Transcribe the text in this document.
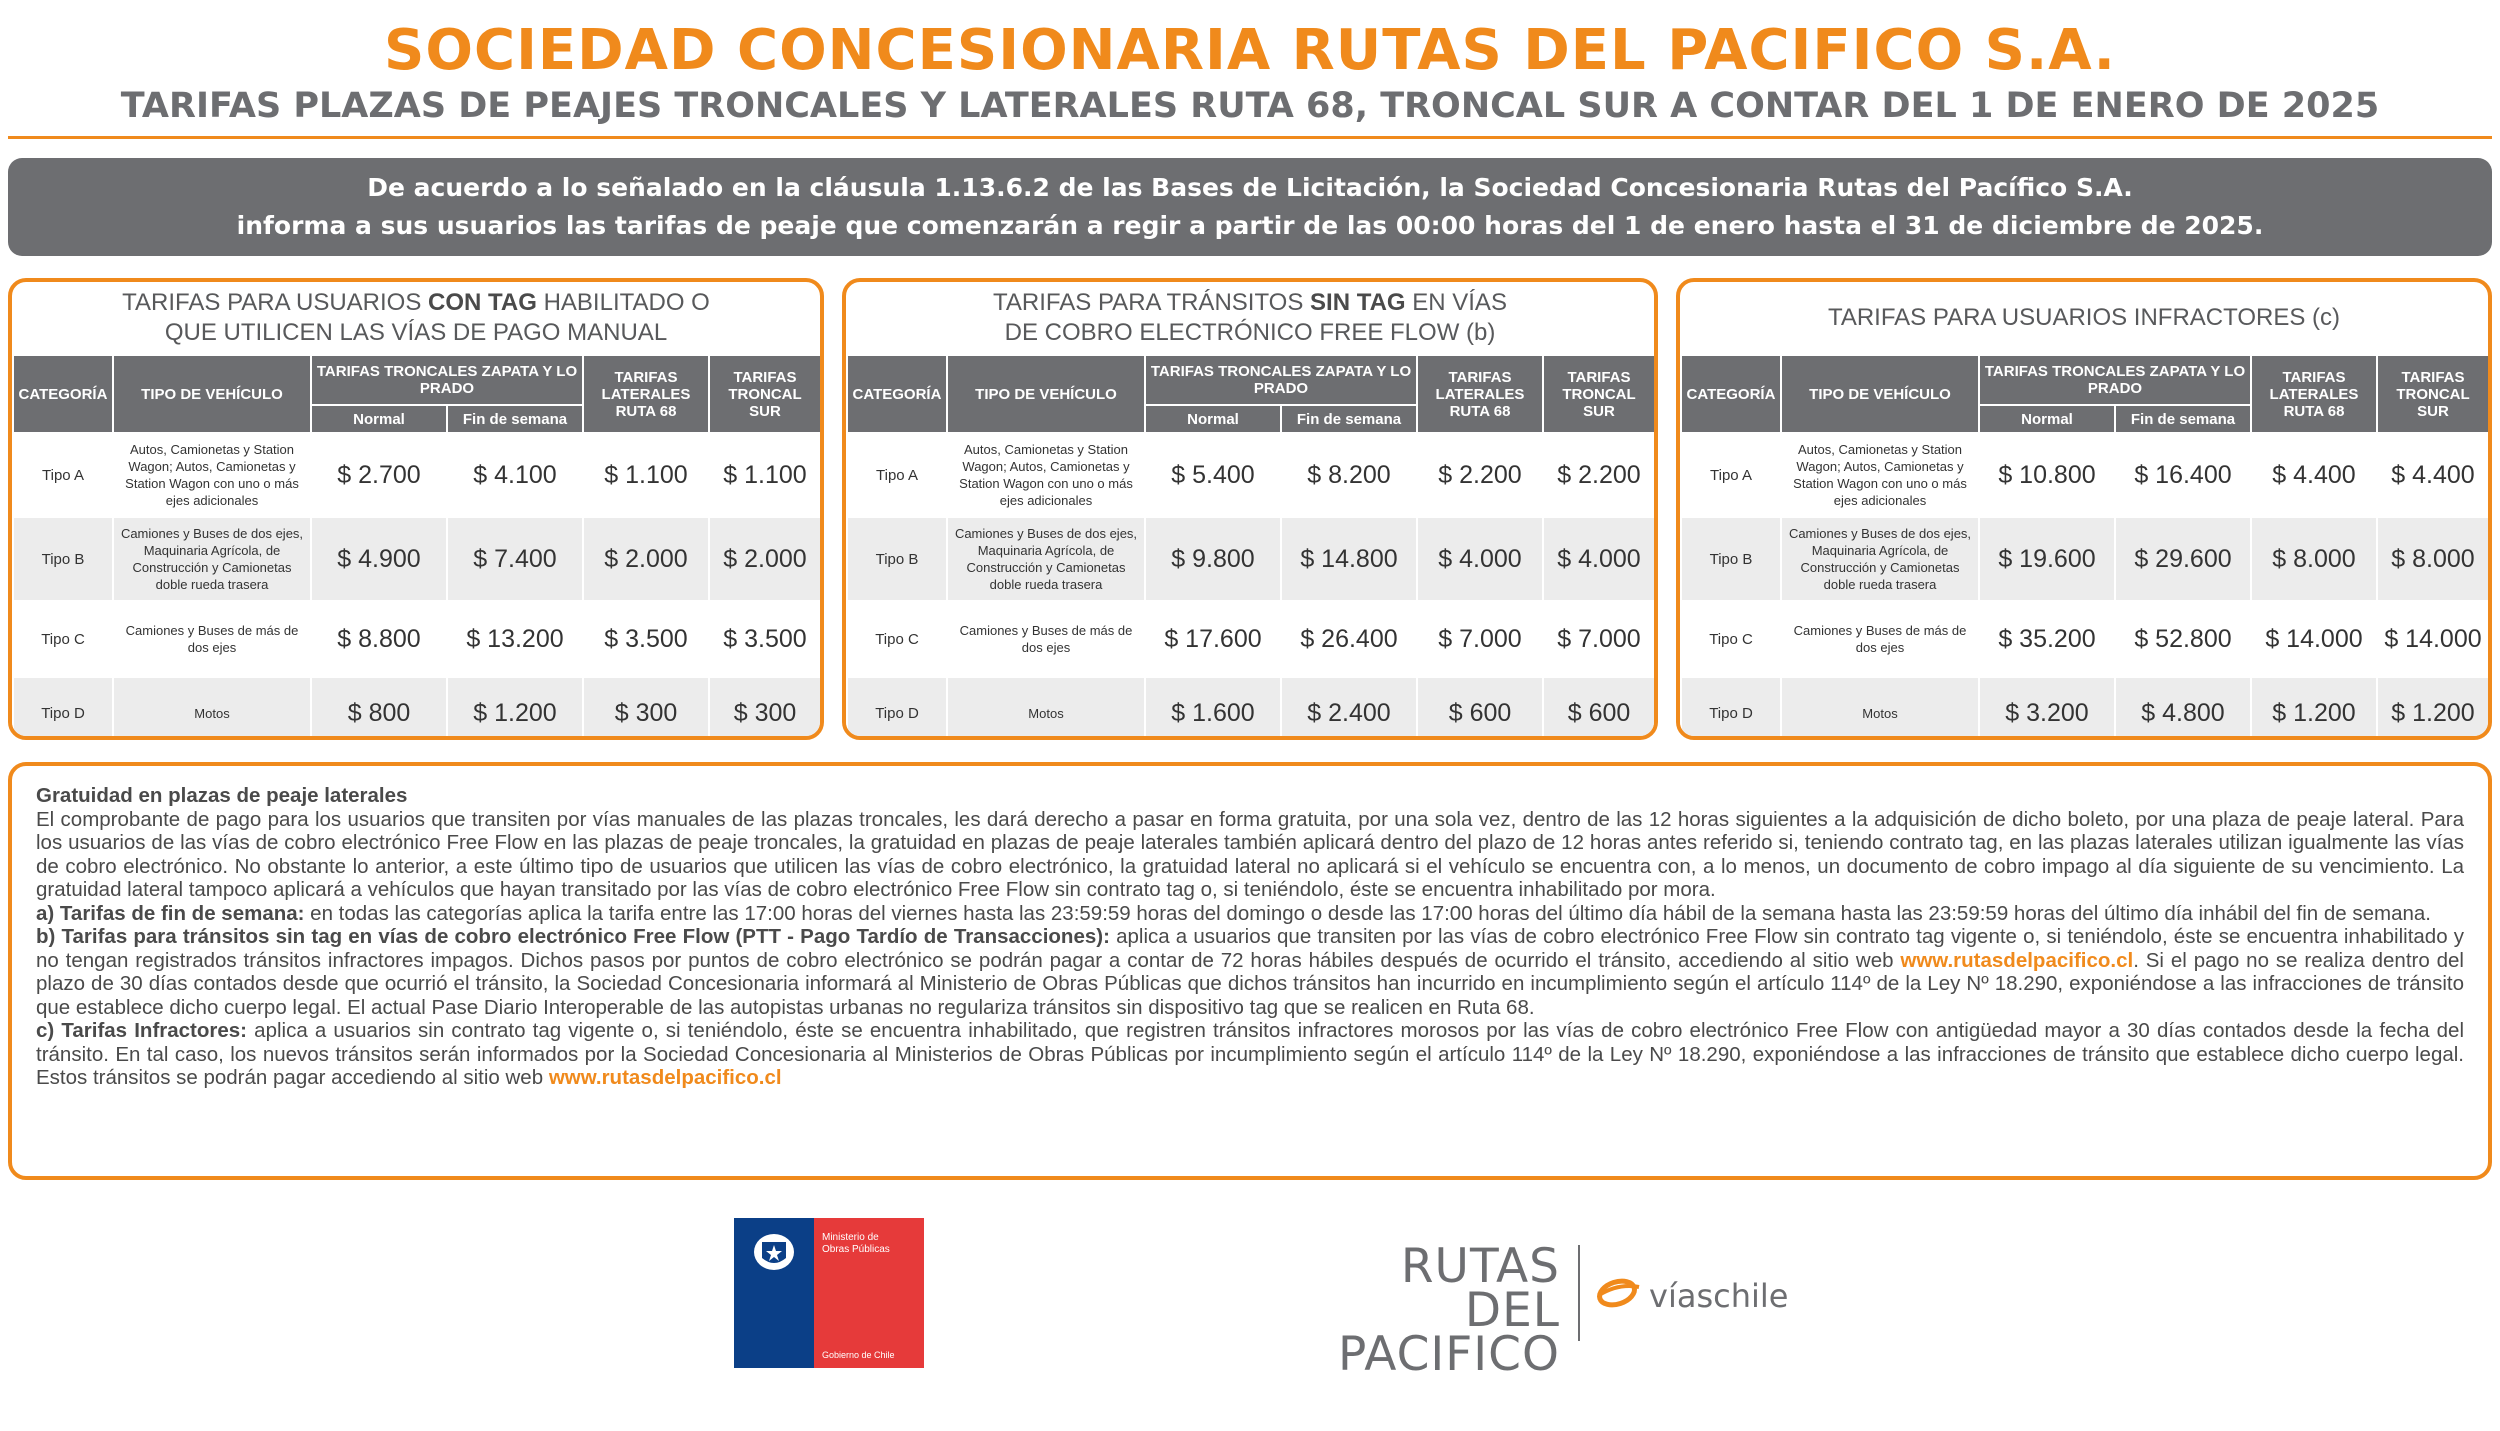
SOCIEDAD CONCESIONARIA RUTAS DEL PACIFICO S.A.
TARIFAS PLAZAS DE PEAJES TRONCALES Y LATERALES RUTA 68, TRONCAL SUR A CONTAR DEL 1 DE ENERO DE 2025
De acuerdo a lo señalado en la cláusula 1.13.6.2 de las Bases de Licitación, la Sociedad Concesionaria Rutas del Pacífico S.A.
informa a sus usuarios las tarifas de peaje que comenzarán a regir a partir de las 00:00 horas del 1 de enero hasta el 31 de diciembre de 2025.
TARIFAS PARA USUARIOS CON TAG HABILITADO O
QUE UTILICEN LAS VÍAS DE PAGO MANUAL
CATEGORÍA	TIPO DE VEHÍCULO	TARIFAS TRONCALES ZAPATA Y LO PRADO		TARIFAS LATERALES RUTA 68	TARIFAS TRONCAL SUR
		Normal	Fin de semana		
Tipo A	Autos, Camionetas y Station Wagon; Autos, Camionetas y Station Wagon con uno o más ejes adicionales	$ 2.700	$ 4.100	$ 1.100	$ 1.100
Tipo B	Camiones y Buses de dos ejes, Maquinaria Agrícola, de Construcción y Camionetas doble rueda trasera	$ 4.900	$ 7.400	$ 2.000	$ 2.000
Tipo C	Camiones y Buses de más de dos ejes	$ 8.800	$ 13.200	$ 3.500	$ 3.500
Tipo D	Motos	$ 800	$ 1.200	$ 300	$ 300
TARIFAS PARA TRÁNSITOS SIN TAG EN VÍAS
DE COBRO ELECTRÓNICO FREE FLOW (b)
CATEGORÍA	TIPO DE VEHÍCULO	TARIFAS TRONCALES ZAPATA Y LO PRADO		TARIFAS LATERALES RUTA 68	TARIFAS TRONCAL SUR
		Normal	Fin de semana		
Tipo A	Autos, Camionetas y Station Wagon; Autos, Camionetas y Station Wagon con uno o más ejes adicionales	$ 5.400	$ 8.200	$ 2.200	$ 2.200
Tipo B	Camiones y Buses de dos ejes, Maquinaria Agrícola, de Construcción y Camionetas doble rueda trasera	$ 9.800	$ 14.800	$ 4.000	$ 4.000
Tipo C	Camiones y Buses de más de dos ejes	$ 17.600	$ 26.400	$ 7.000	$ 7.000
Tipo D	Motos	$ 1.600	$ 2.400	$ 600	$ 600
TARIFAS PARA USUARIOS INFRACTORES (c)
CATEGORÍA	TIPO DE VEHÍCULO	TARIFAS TRONCALES ZAPATA Y LO PRADO		TARIFAS LATERALES RUTA 68	TARIFAS TRONCAL SUR
		Normal	Fin de semana		
Tipo A	Autos, Camionetas y Station Wagon; Autos, Camionetas y Station Wagon con uno o más ejes adicionales	$ 10.800	$ 16.400	$ 4.400	$ 4.400
Tipo B	Camiones y Buses de dos ejes, Maquinaria Agrícola, de Construcción y Camionetas doble rueda trasera	$ 19.600	$ 29.600	$ 8.000	$ 8.000
Tipo C	Camiones y Buses de más de dos ejes	$ 35.200	$ 52.800	$ 14.000	$ 14.000
Tipo D	Motos	$ 3.200	$ 4.800	$ 1.200	$ 1.200

Gratuidad en plazas de peaje laterales

El comprobante de pago para los usuarios que transiten por vías manuales de las plazas troncales, les dará derecho a pasar en forma gratuita, por una sola vez, dentro de las 12 horas siguientes a la adquisición de dicho boleto, por una plaza de peaje lateral. Para los usuarios de las vías de cobro electrónico Free Flow en las plazas de peaje troncales, la gratuidad en plazas de peaje laterales también aplicará dentro del plazo de 12 horas antes referido si, teniendo contrato tag, en las plazas laterales utilizan igualmente las vías de cobro electrónico. No obstante lo anterior, a este último tipo de usuarios que utilicen las vías de cobro electrónico, la gratuidad lateral no aplicará si el vehículo se encuentra con, a lo menos, un documento de cobro impago al día siguiente de su vencimiento. La gratuidad lateral tampoco aplicará a vehículos que hayan transitado por las vías de cobro electrónico Free Flow sin contrato tag o, si teniéndolo, éste se encuentra inhabilitado por mora.

a) Tarifas de fin de semana: en todas las categorías aplica la tarifa entre las 17:00 horas del viernes hasta las 23:59:59 horas del domingo o desde las 17:00 horas del último día hábil de la semana hasta las 23:59:59 horas del último día inhábil del fin de semana.

b) Tarifas para tránsitos sin tag en vías de cobro electrónico Free Flow (PTT - Pago Tardío de Transacciones): aplica a usuarios que transiten por las vías de cobro electrónico Free Flow sin contrato tag vigente o, si teniéndolo, éste se encuentra inhabilitado y no tengan registrados tránsitos infractores impagos. Dichos pasos por puntos de cobro electrónico se podrán pagar a contar de 72 horas hábiles después de ocurrido el tránsito, accediendo al sitio web www.rutasdelpacifico.cl. Si el pago no se realiza dentro del plazo de 30 días contados desde que ocurrió el tránsito, la Sociedad Concesionaria informará al Ministerio de Obras Públicas que dichos tránsitos han incurrido en incumplimiento según el artículo 114º de la Ley Nº 18.290, exponiéndose a las infracciones de tránsito que establece dicho cuerpo legal. El actual Pase Diario Interoperable de las autopistas urbanas no regulariza tránsitos sin dispositivo tag que se realicen en Ruta 68.

c) Tarifas Infractores: aplica a usuarios sin contrato tag vigente o, si teniéndolo, éste se encuentra inhabilitado, que registren tránsitos infractores morosos por las vías de cobro electrónico Free Flow con antigüedad mayor a 30 días contados desde la fecha del tránsito. En tal caso, los nuevos tránsitos serán informados por la Sociedad Concesionaria al Ministerios de Obras Públicas por incumplimiento según el artículo 114º de la Ley Nº 18.290, exponiéndose a las infracciones de tránsito que establece dicho cuerpo legal. Estos tránsitos se podrán pagar accediendo al sitio web www.rutasdelpacifico.cl

Ministerio de
Obras Públicas
Gobierno de Chile
RUTAS
DEL PACIFICO
víaschile
